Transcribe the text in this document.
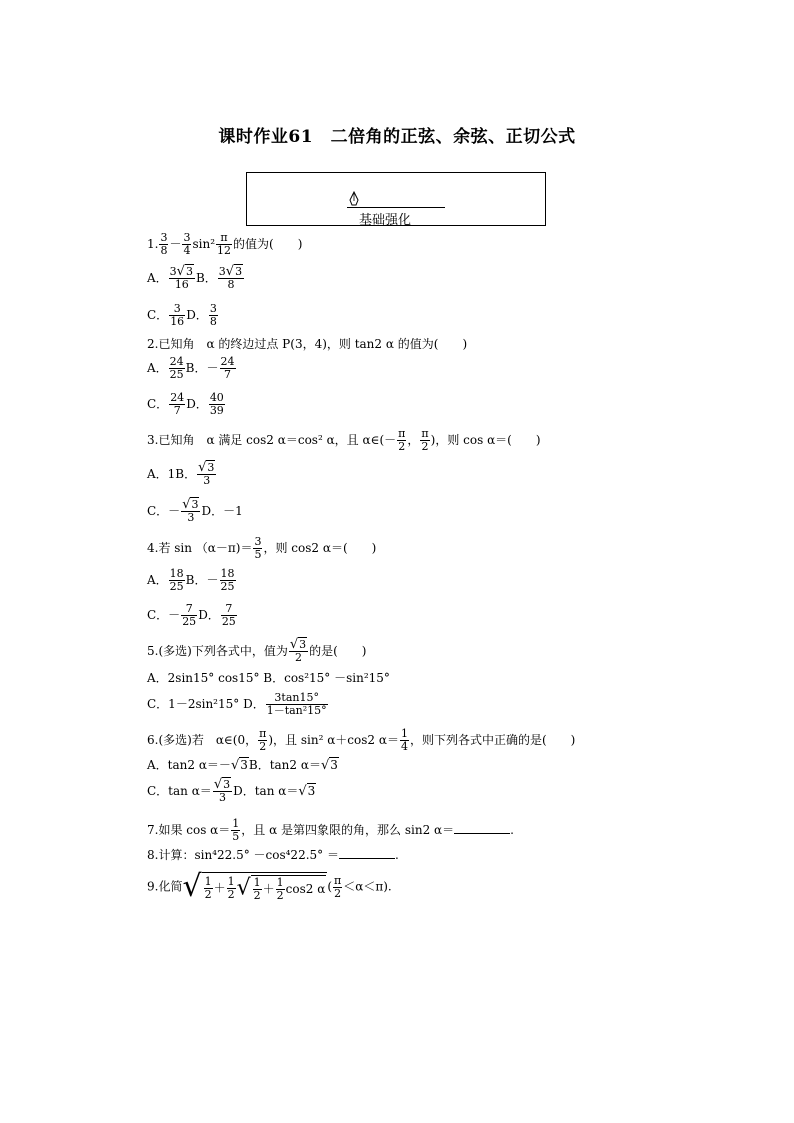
课时作业61　二倍角的正弦、余弦、正切公式
基础强化
1. $\frac{3}{8} - \frac{3}{4} \sin^2 \frac{\pi}{12}$ 的值为(　　)
A． $\frac{3√3}{16}$ B． $\frac{3√3}{8}$
C． $\frac{3}{16}$ D． $\frac{3}{8}$
2.已知角　α 的终边过点 P(3，4)，则 tan2 α 的值为(　　)
A． $\frac{24}{25}$ B．－ $\frac{24}{7}$
C． $\frac{24}{7}$ D． $\frac{40}{39}$
3.已知角　α 满足 cos2 α＝cos² α，且 α∈(－ $\frac{\pi}{2}$ ， $\frac{\pi}{2}$ )，则 cos α＝(　　)
A．1B． $\frac{√3}{3}$
C．－ $\frac{√3}{3}$ D．－1
4.若 $\sin (\alpha-\pi)= \frac{3}{5}$ ，则 cos2 α＝(　　)
A． $\frac{18}{25}$ B．－ $\frac{18}{25}$
C．－ $\frac{7}{25}$ D． $\frac{7}{25}$
5.(多选)下列各式中，值为 $\frac{√3}{2}$ 的是(　　)
A．2sin15° cos15° B．cos²15° －sin²15°
C．1－2sin²15° D． $\frac{3\tan 15^\circ}{\text{1－tan²15°}}$
6.(多选)若　α∈(0， $\frac{\pi}{2}$ )，且 sin² α＋cos2 $\alpha= \frac{1}{4}$ ，则下列各式中正确的是(　　)
A．tan2 α＝－√3B．tan2 α＝√3
C．$\tan \alpha= \frac{√3}{3}$ D．tan α＝√3
7.如果 $\cos \alpha= \frac{1}{5}$ ，且 α 是第四象限的角，那么 sin2 α＝	.
8.计算：sin⁴22.5° －cos⁴22.5° ＝	.
9.化简√ $\frac{1}{2} + \frac{1}{2}$ √ $\frac{1}{2} + \frac{1}{2} \cos 2$ α ( $\frac{\pi}{2} <\alpha<\pi$).
